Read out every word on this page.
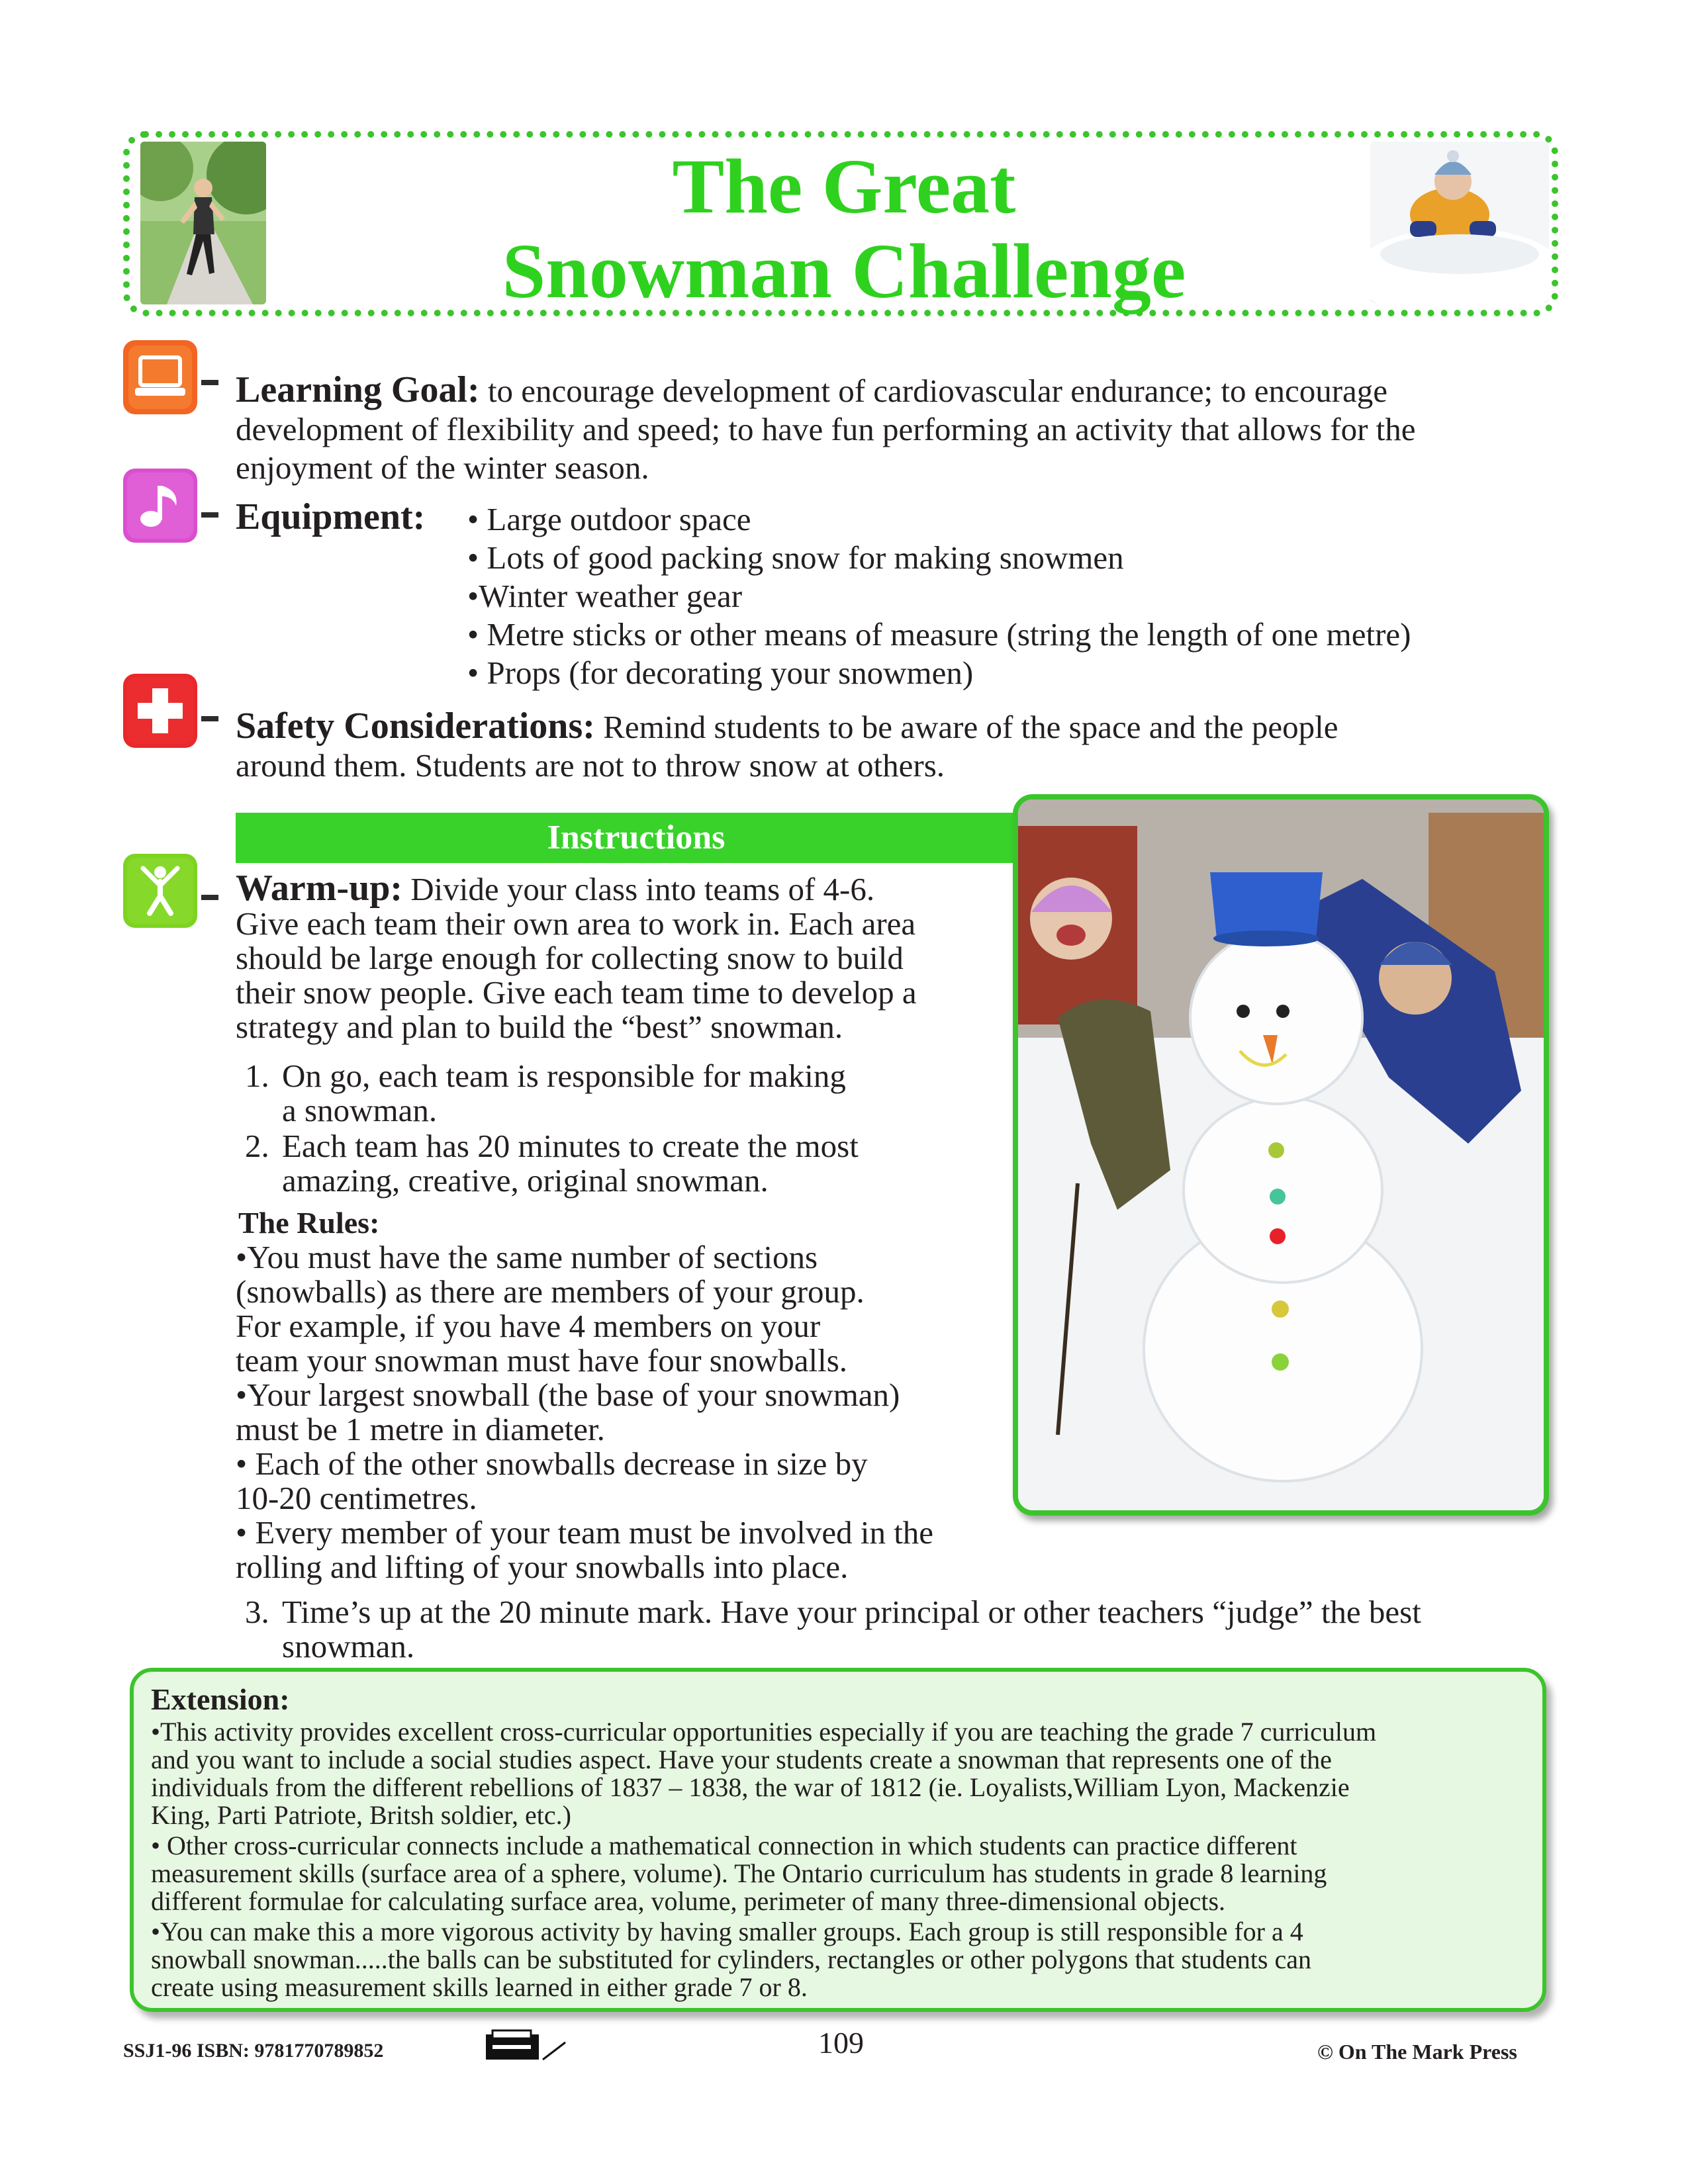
The Great
Snowman Challenge
Learning Goal: to encourage development of cardiovascular endurance; to encourage
development of flexibility and speed; to have fun performing an activity that allows for the
enjoyment of the winter season.
Equipment: • Large outdoor space
• Lots of good packing snow for making snowmen
•Winter weather gear
• Metre sticks or other means of measure (string the length of one metre)
• Props (for decorating your snowmen)
Safety Considerations: Remind students to be aware of the space and the people
around them. Students are not to throw snow at others.
Instructions
Warm-up: Divide your class into teams of 4-6.
Give each team their own area to work in. Each area
should be large enough for collecting snow to build
their snow people. Give each team time to develop a
strategy and plan to build the “best” snowman.
1. On go, each team is responsible for making
a snowman.
2. Each team has 20 minutes to create the most
amazing, creative, original snowman.
The Rules:
•You must have the same number of sections
(snowballs) as there are members of your group.
For example, if you have 4 members on your
team your snowman must have four snowballs.
•Your largest snowball (the base of your snowman)
must be 1 metre in diameter.
• Each of the other snowballs decrease in size by
10-20 centimetres.
• Every member of your team must be involved in the
rolling and lifting of your snowballs into place.
3. Time’s up at the 20 minute mark. Have your principal or other teachers “judge” the best
snowman.
Extension:
•This activity provides excellent cross-curricular opportunities especially if you are teaching the grade 7 curriculum
and you want to include a social studies aspect. Have your students create a snowman that represents one of the
individuals from the different rebellions of 1837 – 1838, the war of 1812 (ie. Loyalists,William Lyon, Mackenzie
King, Parti Patriote, Britsh soldier, etc.)
• Other cross-curricular connects include a mathematical connection in which students can practice different
measurement skills (surface area of a sphere, volume). The Ontario curriculum has students in grade 8 learning
different formulae for calculating surface area, volume, perimeter of many three-dimensional objects.
•You can make this a more vigorous activity by having smaller groups. Each group is still responsible for a 4
snowball snowman.....the balls can be substituted for cylinders, rectangles or other polygons that students can
create using measurement skills learned in either grade 7 or 8.
SSJ1-96 ISBN: 9781770789852	109	© On The Mark Press
